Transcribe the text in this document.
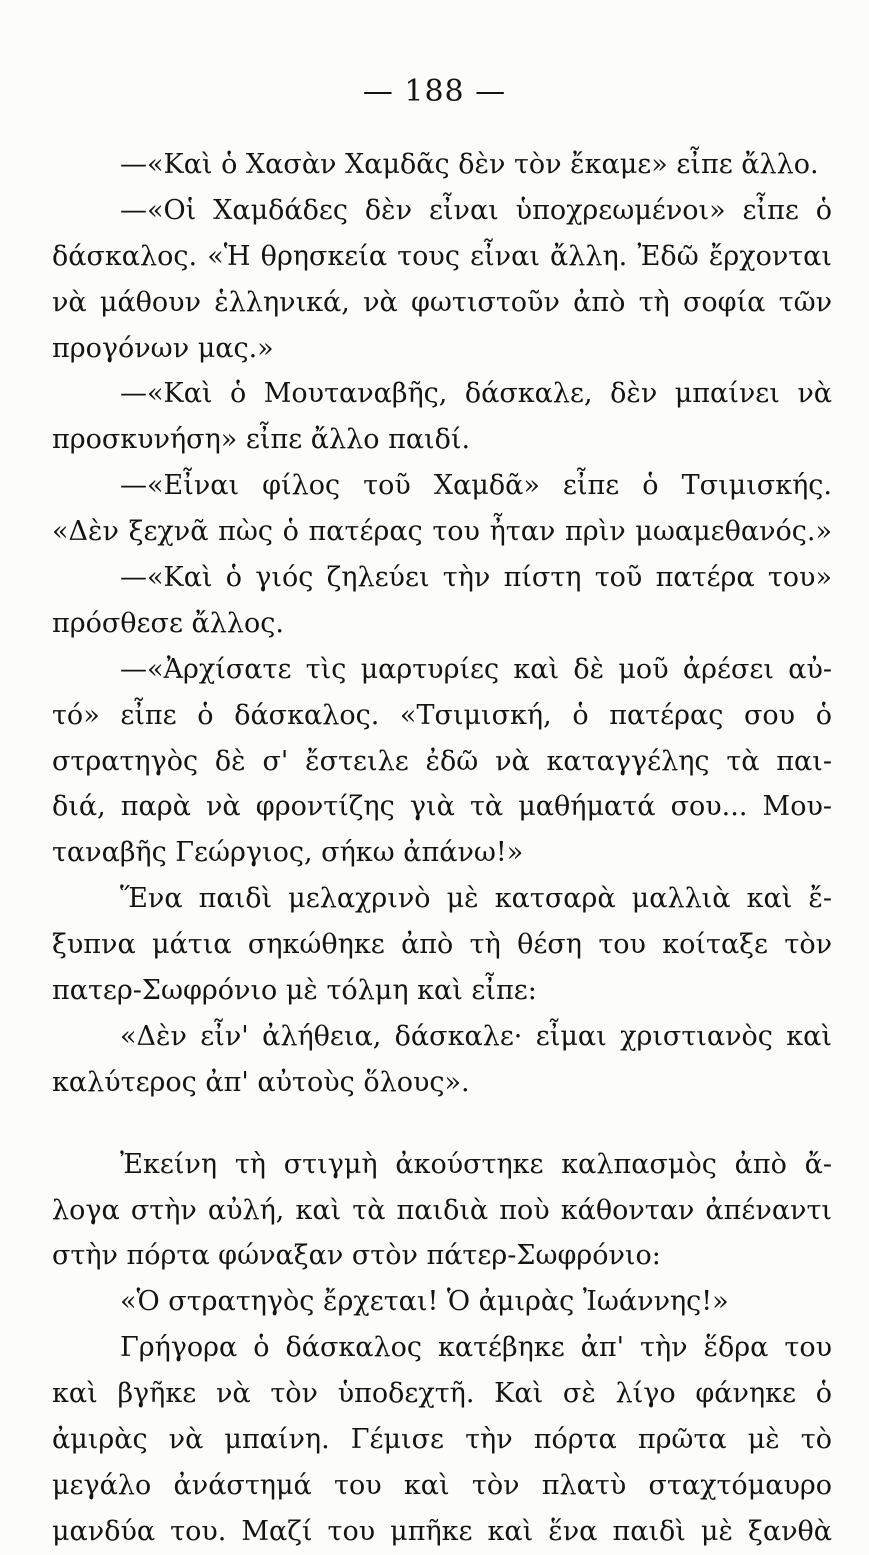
— 188 —
—«Καὶ ὁ Χασὰν Χαμδᾶς δὲν τὸν ἔκαμε» εἶπε ἄλλο.
—«Οἱ Χαμδάδες δὲν εἶναι ὑποχρεωμένοι» εἶπε ὁ
δάσκαλος. «Ἡ θρησκεία τους εἶναι ἄλλη. Ἐδῶ ἔρχονται
νὰ μάθουν ἑλληνικά, νὰ φωτιστοῦν ἀπὸ τὴ σοφία τῶν
προγόνων μας.»
—«Καὶ ὁ Μουταναβῆς, δάσκαλε, δὲν μπαίνει νὰ
προσκυνήση» εἶπε ἄλλο παιδί.
—«Εἶναι φίλος τοῦ Χαμδᾶ» εἶπε ὁ Τσιμισκής.
«Δὲν ξεχνᾶ πὼς ὁ πατέρας του ἦταν πρὶν μωαμεθανός.»
—«Καὶ ὁ γιός ζηλεύει τὴν πίστη τοῦ πατέρα του»
πρόσθεσε ἄλλος.
—«Ἀρχίσατε τὶς μαρτυρίες καὶ δὲ μοῦ ἀρέσει αὐ-
τό» εἶπε ὁ δάσκαλος. «Τσιμισκή, ὁ πατέρας σου ὁ
στρατηγὸς δὲ σ' ἔστειλε ἐδῶ νὰ καταγγέλης τὰ παι-
διά, παρὰ νὰ φροντίζης γιὰ τὰ μαθήματά σου... Μου-
ταναβῆς Γεώργιος, σήκω ἀπάνω!»
Ἕνα παιδὶ μελαχρινὸ μὲ κατσαρὰ μαλλιὰ καὶ ἔ-
ξυπνα μάτια σηκώθηκε ἀπὸ τὴ θέση του κοίταξε τὸν
πατερ-Σωφρόνιο μὲ τόλμη καὶ εἶπε:
«Δὲν εἶν' ἀλήθεια, δάσκαλε· εἶμαι χριστιανὸς καὶ
καλύτερος ἀπ' αὐτοὺς ὅλους».
Ἐκείνη τὴ στιγμὴ ἀκούστηκε καλπασμὸς ἀπὸ ἄ-
λογα στὴν αὐλή, καὶ τὰ παιδιὰ ποὺ κάθονταν ἀπέναντι
στὴν πόρτα φώναξαν στὸν πάτερ-Σωφρόνιο:
«Ὁ στρατηγὸς ἔρχεται! Ὁ ἀμιρὰς Ἰωάννης!»
Γρήγορα ὁ δάσκαλος κατέβηκε ἀπ' τὴν ἕδρα του
καὶ βγῆκε νὰ τὸν ὑποδεχτῆ. Καὶ σὲ λίγο φάνηκε ὁ
ἀμιρὰς νὰ μπαίνη. Γέμισε τὴν πόρτα πρῶτα μὲ τὸ
μεγάλο ἀνάστημά του καὶ τὸν πλατὺ σταχτόμαυρο
μανδύα του. Μαζί του μπῆκε καὶ ἕνα παιδὶ μὲ ξανθὰ
